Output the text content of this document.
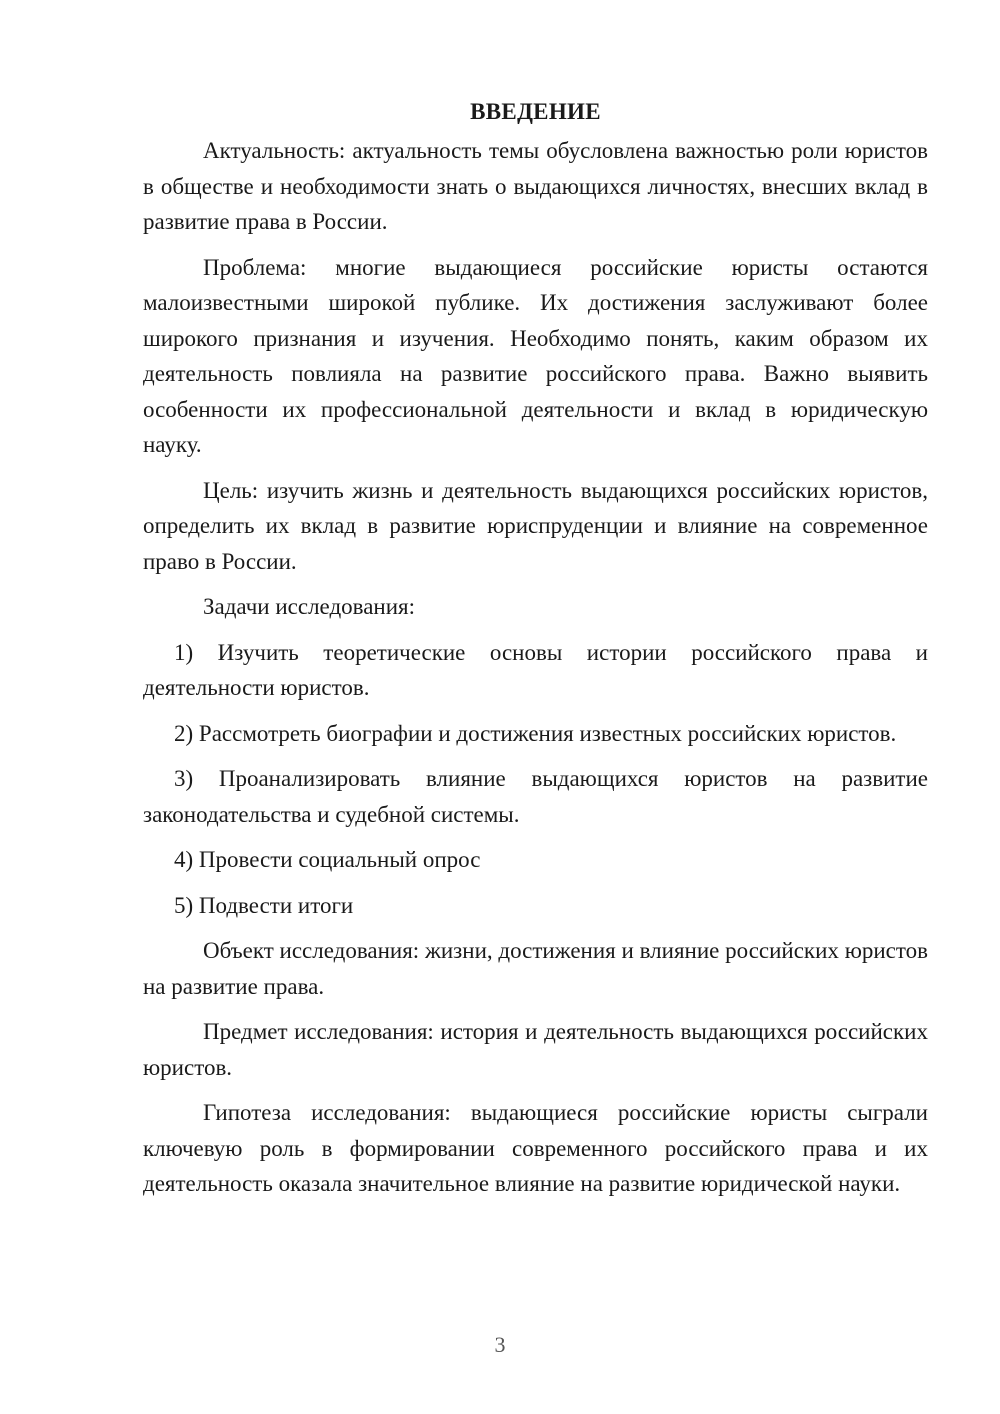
ВВЕДЕНИЕ

Актуальность: актуальность темы обусловлена важностью роли юристов в обществе и необходимости знать о выдающихся личностях, внесших вклад в развитие права в России.

Проблема: многие выдающиеся российские юристы остаются малоизвестными широкой публике. Их достижения заслуживают более широкого признания и изучения. Необходимо понять, каким образом их деятельность повлияла на развитие российского права. Важно выявить особенности их профессиональной деятельности и вклад в юридическую науку.

Цель: изучить жизнь и деятельность выдающихся российских юристов, определить их вклад в развитие юриспруденции и влияние на современное право в России.

Задачи исследования:

1) Изучить теоретические основы истории российского права и деятельности юристов.

2) Рассмотреть биографии и достижения известных российских юристов.

3) Проанализировать влияние выдающихся юристов на развитие законодательства и судебной системы.

4) Провести социальный опрос

5) Подвести итоги

Объект исследования: жизни, достижения и влияние российских юристов на развитие права.

Предмет исследования: история и деятельность выдающихся российских юристов.

Гипотеза исследования: выдающиеся российские юристы сыграли ключевую роль в формировании современного российского права и их деятельность оказала значительное влияние на развитие юридической науки.

3
